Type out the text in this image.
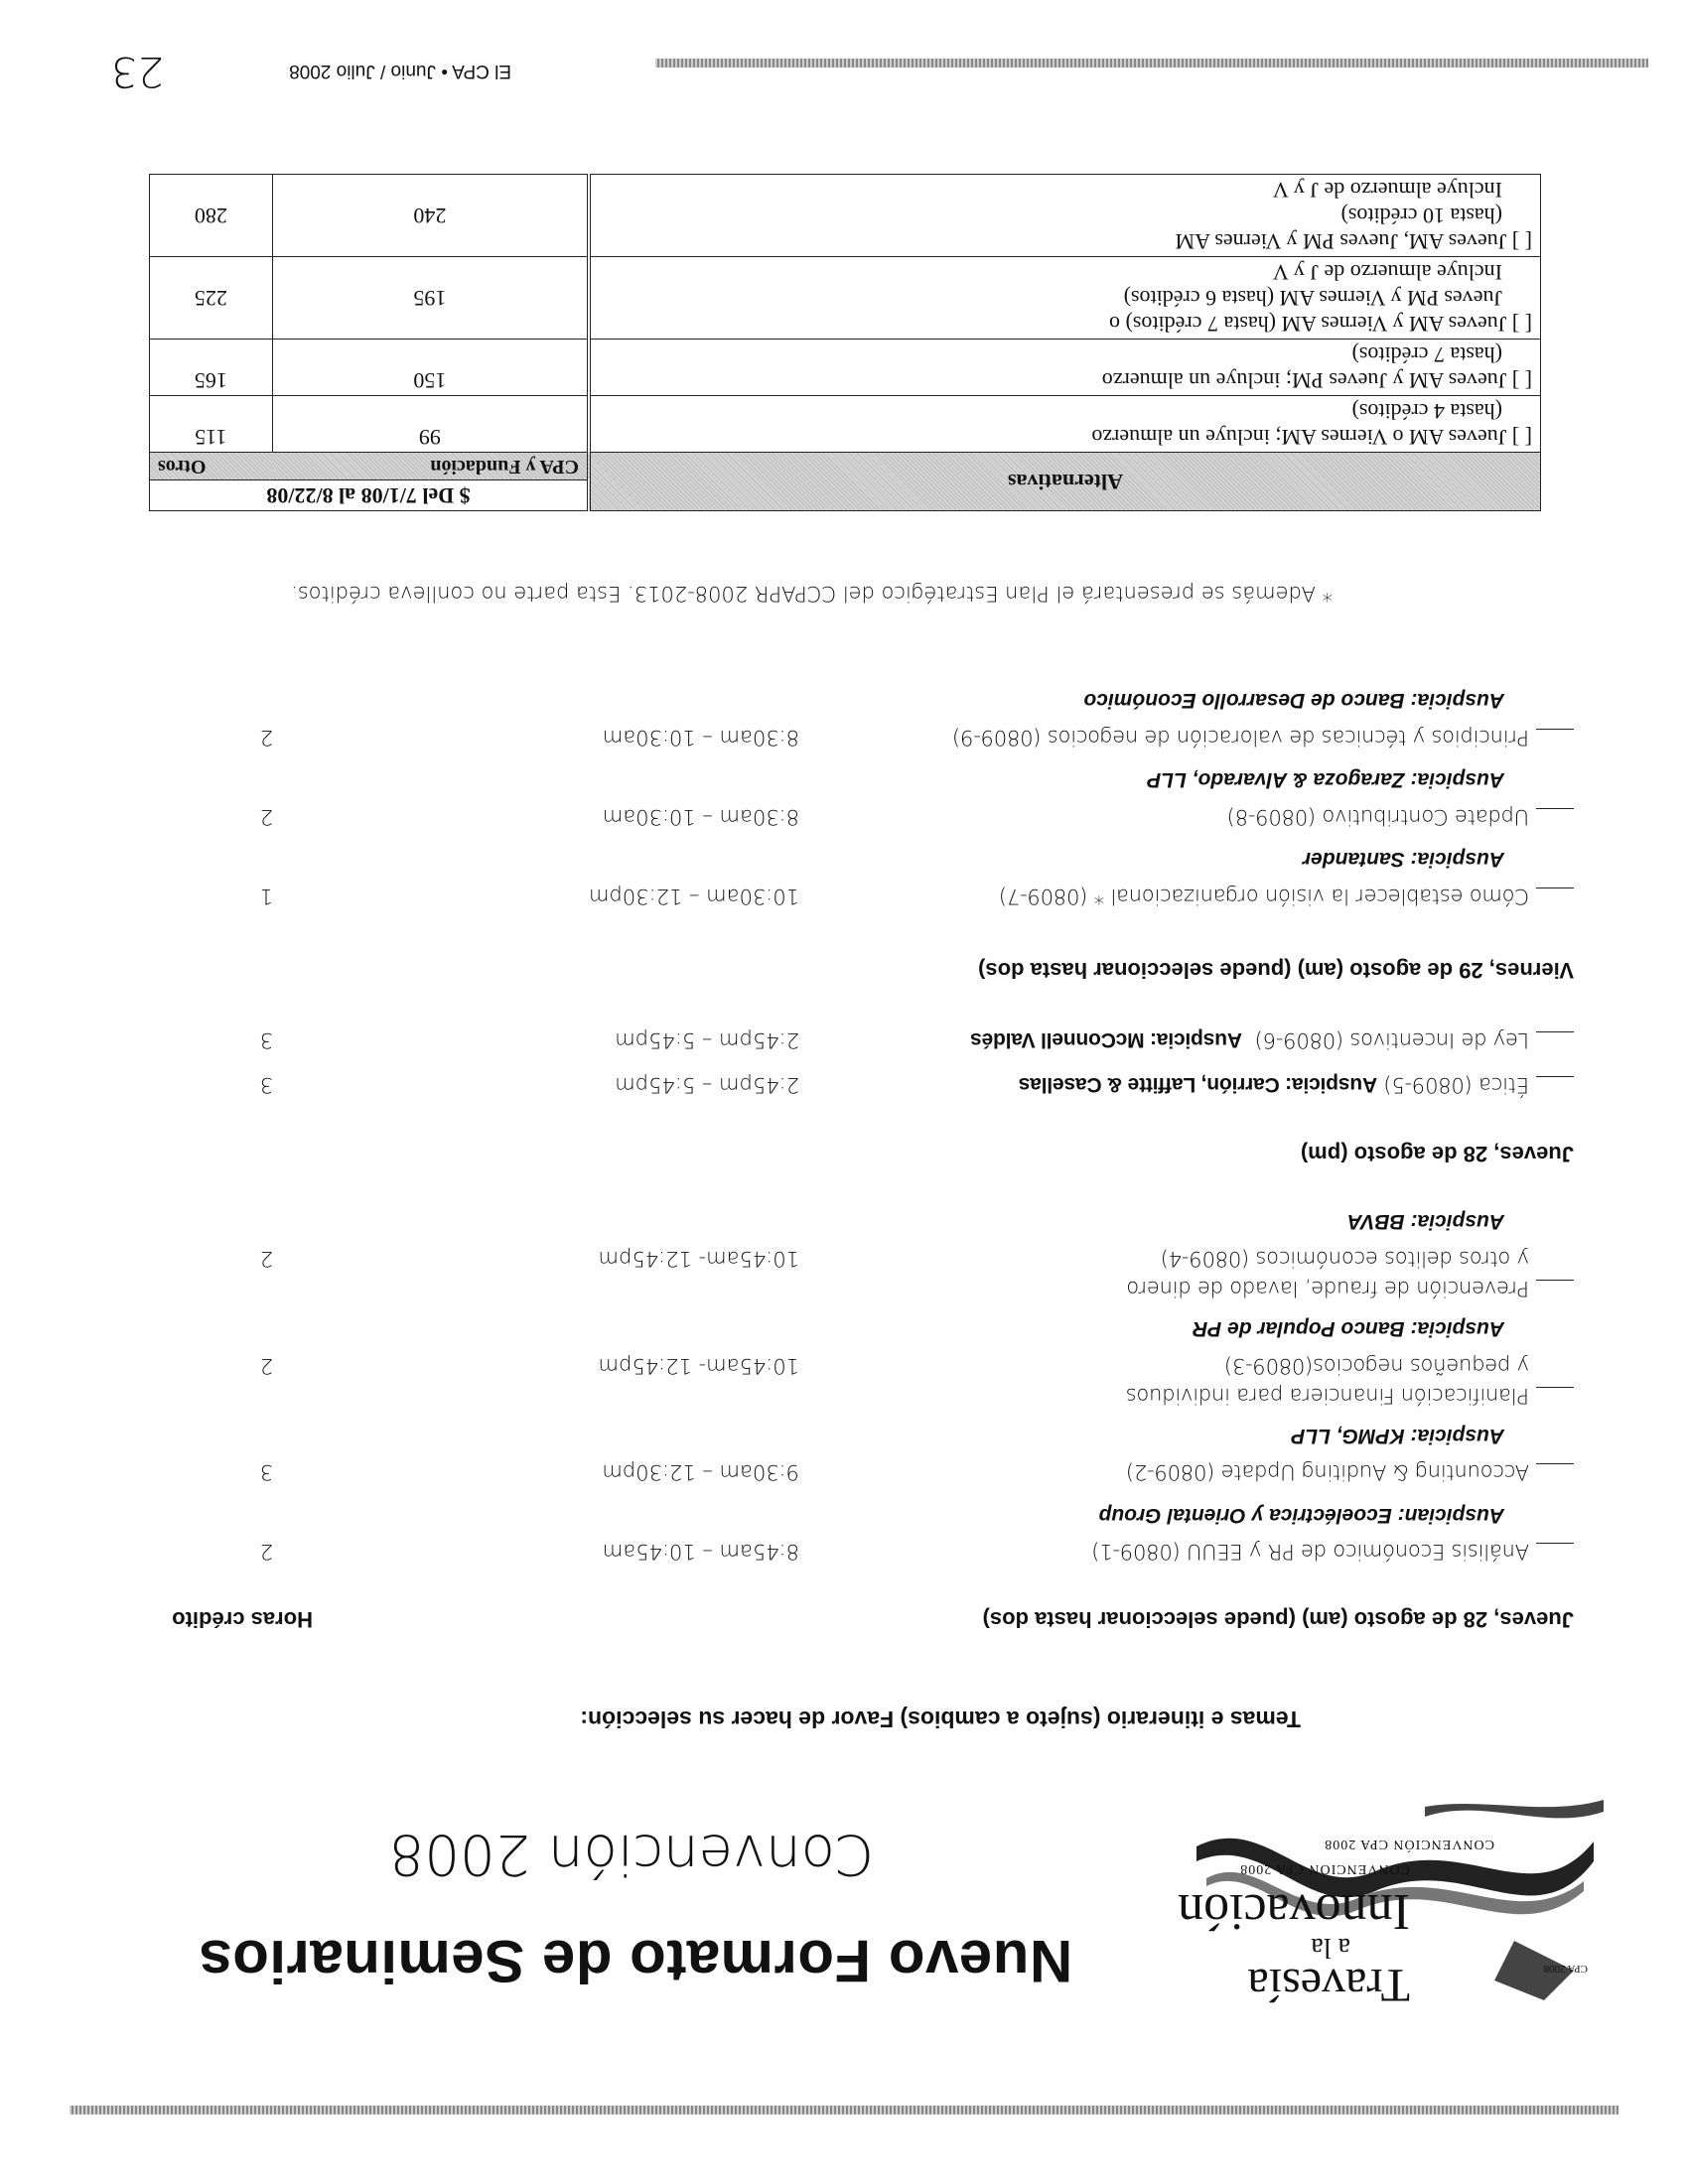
CPA 2008
CONVENCIÓN CPA 2008
Nuevo Formato de Seminarios	Travesía
a la
Innovación
CONVENCIÓN CPA 2008
Convención 2008
Temas e itinerario (sujeto a cambios) Favor de hacer su selección:
Jueves, 28 de agosto (am) (puede seleccionar hasta dos)
Horas crédito
Análisis Económico de PR y EEUU (0809-1)
8:45am – 10:45am
2
Auspician: Ecoeléctrica y Oriental Group
Accounting & Auditing Update (0809-2)
9:30am – 12:30pm
3
Auspicia: KPMG, LLP
Planificación Financiera para individuos
y pequeños negocios(0809-3)
10:45am- 12:45pm
2
Auspicia: Banco Popular de PR
Prevención de fraude, lavado de dinero
y otros delitos económicos (0809-4)
10:45am- 12:45pm
2
Auspicia: BBVA
Jueves, 28 de agosto (pm)
Ética (0809-5) Auspicia: Carrión, Laffitte & Casellas
2:45pm – 5:45pm
3
Ley de Incentivos (0809-6)  Auspicia: McConnell Valdés
2:45pm – 5:45pm
3
Viernes, 29 de agosto (am) (puede seleccionar hasta dos)
Cómo establecer la visión organizacional * (0809-7)
10:30am – 12:30pm
1
Auspicia: Santander
Update Contributivo (0809-8)
8:30am – 10:30am
2
Auspicia: Zaragoza & Alvarado, LLP
Principios y técnicas de valoración de negocios (0809-9)
8:30am – 10:30am
2
Auspicia: Banco de Desarrollo Económico
* Además se presentará el Plan Estratégico del CCPAPR 2008-2013. Esta parte no conlleva créditos.
Alternativas	$ Del 7/1/08 al 8/22/08	
	CPA y Fundación	Otros

[ ] Jueves AM o Viernes AM; incluye un almuerzo
(hasta 4 créditos)	99	115

[ ] Jueves AM y Jueves PM; incluye un almuerzo
(hasta 7 créditos)	150	165

[ ] Jueves AM y Viernes AM (hasta 7 créditos) o
Jueves PM y Viernes AM (hasta 6 créditos)
Incluye almuerzo de J y V	195	225

[ ] Jueves AM, Jueves PM y Viernes AM
(hasta 10 créditos)
Incluye almuerzo de J y V	240	280
El CPA • Junio / Julio 2008
23
